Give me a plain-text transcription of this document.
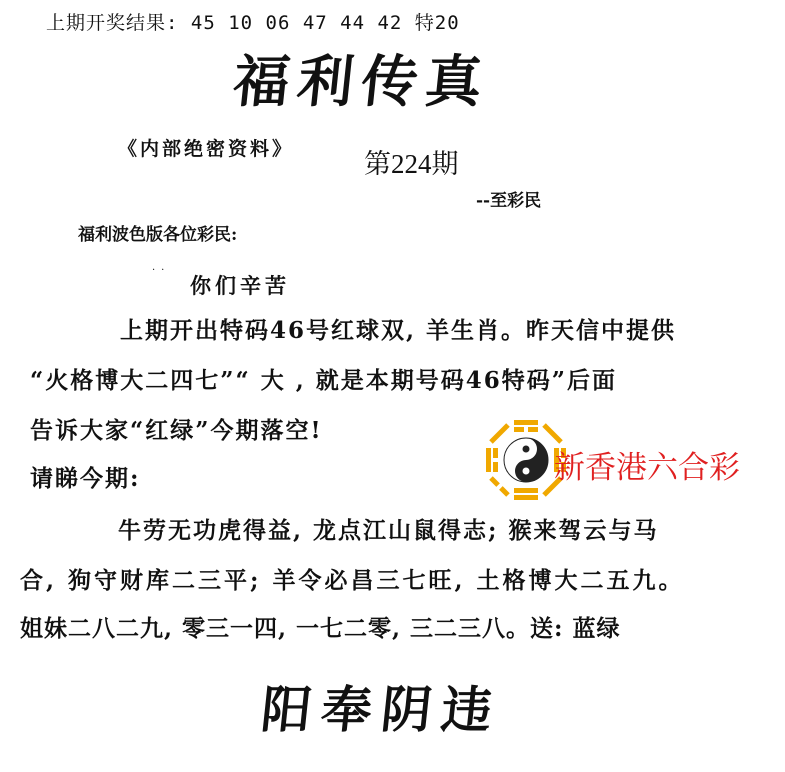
上期开奖结果: 45 10 06 47 44 42 特20
福利传真
《内部绝密资料》	第224期
--至彩民
福利波色版各位彩民:
..
你们辛苦
上期开出特码46号红球双, 羊生肖。昨天信中提供
“火格博大二四七”“ 大 , 就是本期号码46特码”后面
告诉大家“红绿”今期落空!
请睇今期:
牛劳无功虎得益, 龙点江山鼠得志; 猴来驾云与马
合, 狗守财库二三平; 羊令必昌三七旺, 土格博大二五九。
姐妹二八二九, 零三一四, 一七二零, 三二三八。送: 蓝绿
阳奉阴违
新香港六合彩
